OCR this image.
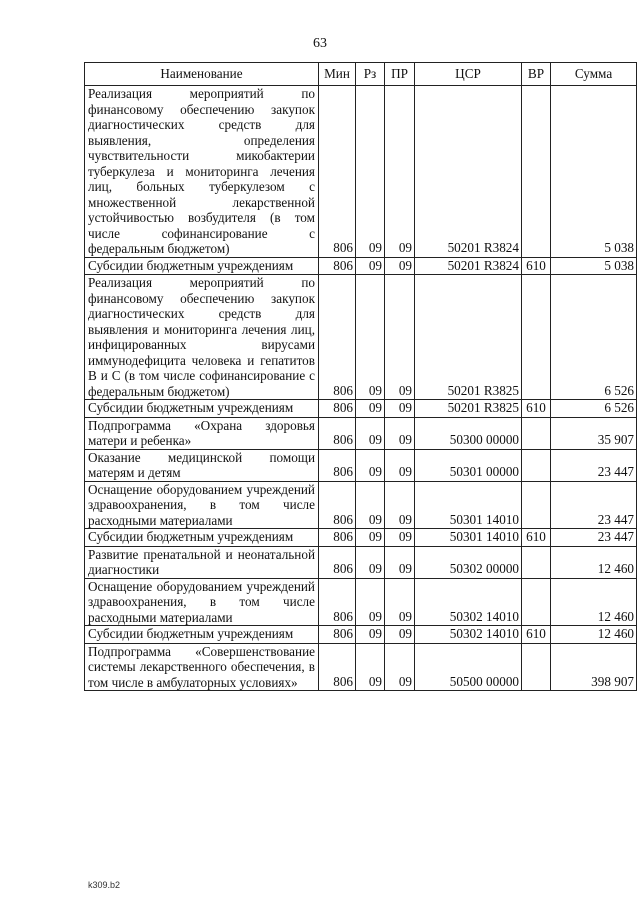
63
Наименование	Мин	Рз	ПР	ЦСР	ВР	Сумма
Реализация мероприятий по финансовому обеспечению закупок диагностических средств для выявления, определения чувствительности микобактерии туберкулеза и мониторинга лечения лиц, больных туберкулезом с множественной лекарственной устойчивостью возбудителя (в том числе софинансирование с федеральным бюджетом)	806	09	09	50201 R3824		5 038
Субсидии бюджетным учреждениям	806	09	09	50201 R3824	610	5 038
Реализация мероприятий по финансовому обеспечению закупок диагностических средств для выявления и мониторинга лечения лиц, инфицированных вирусами иммунодефицита человека и гепатитов В и С (в том числе софинансирование с федеральным бюджетом)	806	09	09	50201 R3825		6 526
Субсидии бюджетным учреждениям	806	09	09	50201 R3825	610	6 526
Подпрограмма «Охрана здоровья матери и ребенка»	806	09	09	50300 00000		35 907
Оказание медицинской помощи матерям и детям	806	09	09	50301 00000		23 447
Оснащение оборудованием учреждений здравоохранения, в том числе расходными материалами	806	09	09	50301 14010		23 447
Субсидии бюджетным учреждениям	806	09	09	50301 14010	610	23 447
Развитие пренатальной и неонатальной диагностики	806	09	09	50302 00000		12 460
Оснащение оборудованием учреждений здравоохранения, в том числе расходными материалами	806	09	09	50302 14010		12 460
Субсидии бюджетным учреждениям	806	09	09	50302 14010	610	12 460
Подпрограмма «Совершенствование системы лекарственного обеспечения, в том числе в амбулаторных условиях»	806	09	09	50500 00000		398 907
k309.b2
